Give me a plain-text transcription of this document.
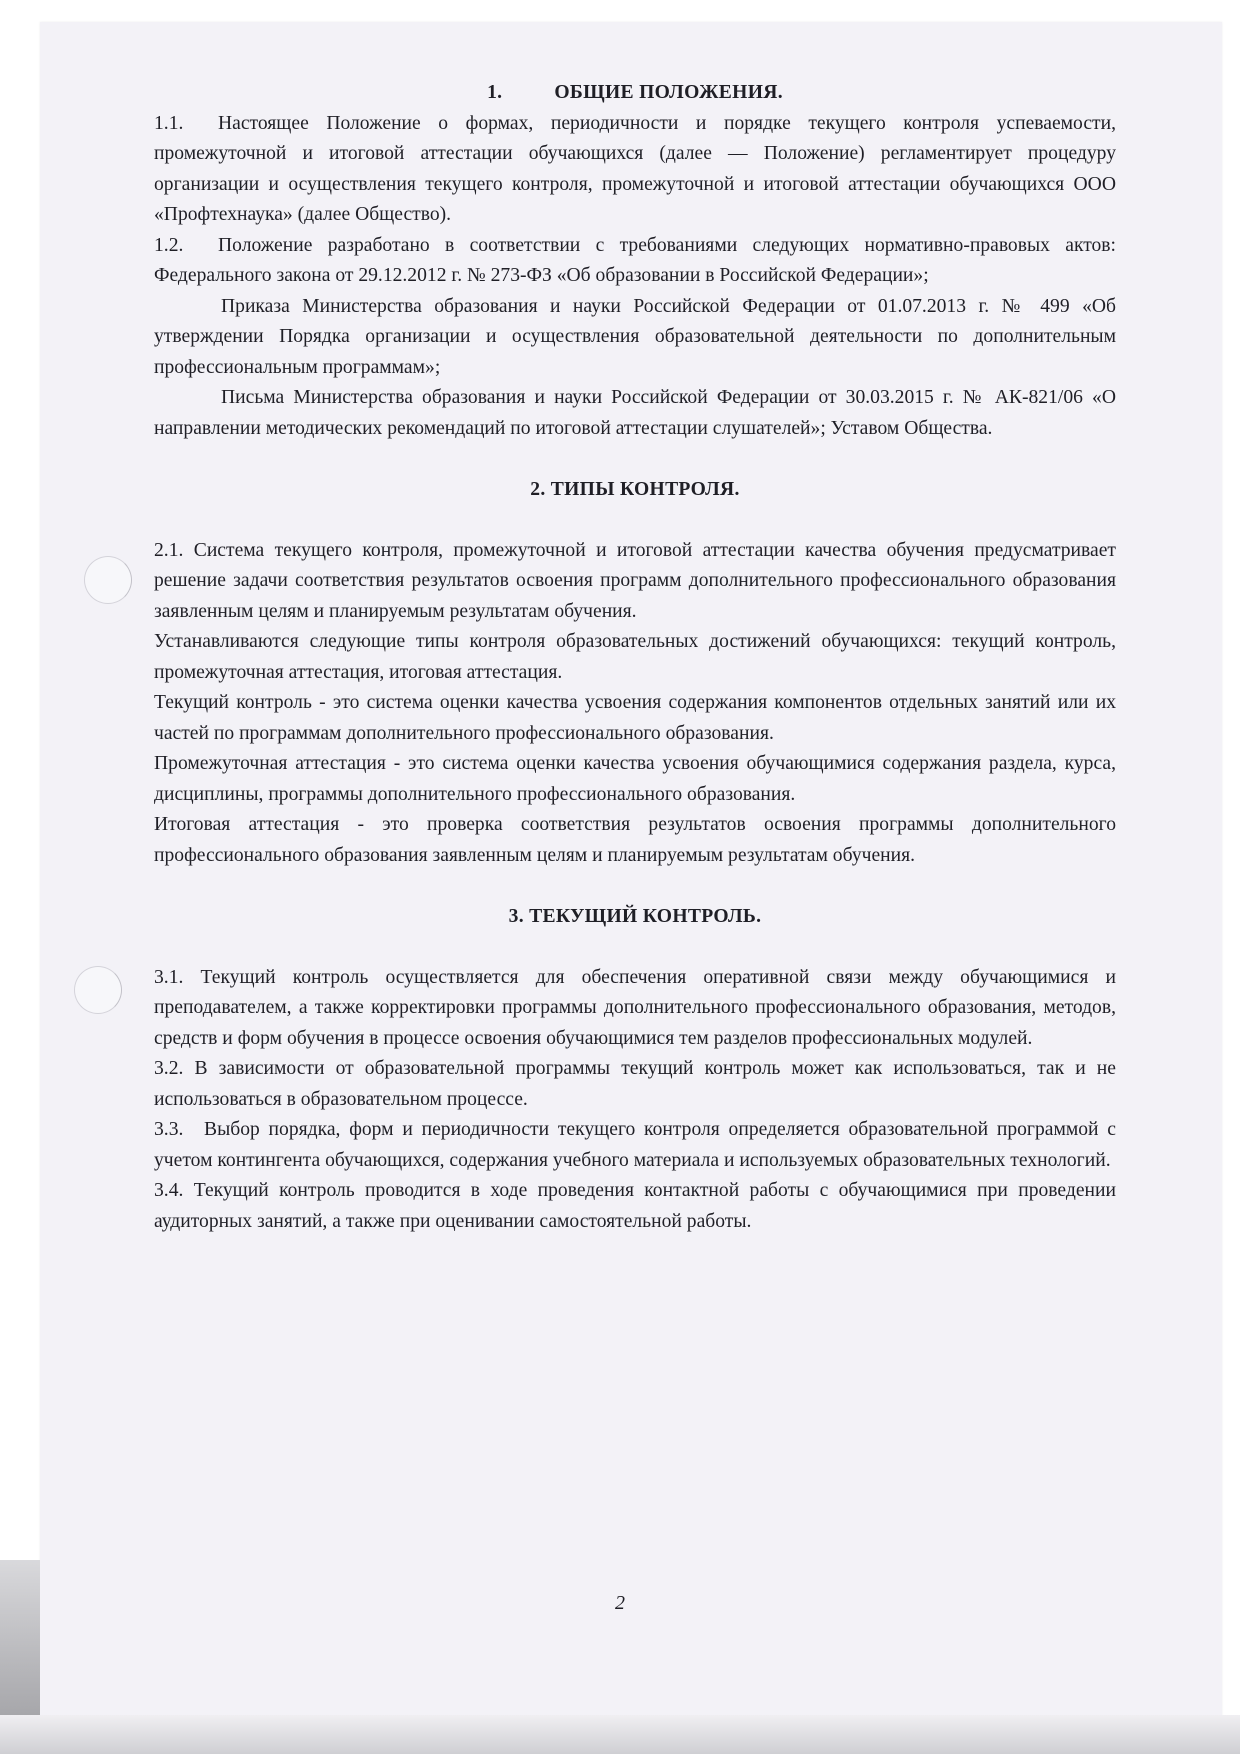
1.	ОБЩИЕ ПОЛОЖЕНИЯ.

1.1. Настоящее Положение о формах, периодичности и порядке текущего контроля успеваемости, промежуточной и итоговой аттестации обучающихся (далее — Положение) регламентирует процедуру организации и осуществления текущего контроля, промежуточной и итоговой аттестации обучающихся ООО «Профтехнаука» (далее Общество).

1.2. Положение разработано в соответствии с требованиями следующих нормативно-правовых актов: Федерального закона от 29.12.2012 г. № 273-ФЗ «Об образовании в Российской Федерации»;

Приказа Министерства образования и науки Российской Федерации от 01.07.2013 г. № 499 «Об утверждении Порядка организации и осуществления образовательной деятельности по дополнительным профессиональным программам»;

Письма Министерства образования и науки Российской Федерации от 30.03.2015 г. № АК-821/06 «О направлении методических рекомендаций по итоговой аттестации слушателей»; Уставом Общества.

2. ТИПЫ КОНТРОЛЯ.

2.1. Система текущего контроля, промежуточной и итоговой аттестации качества обучения предусматривает решение задачи соответствия результатов освоения программ дополнительного профессионального образования заявленным целям и планируемым результатам обучения.

Устанавливаются следующие типы контроля образовательных достижений обучающихся: текущий контроль, промежуточная аттестация, итоговая аттестация.

Текущий контроль - это система оценки качества усвоения содержания компонентов отдельных занятий или их частей по программам дополнительного профессионального образования.

Промежуточная аттестация - это система оценки качества усвоения обучающимися содержания раздела, курса, дисциплины, программы дополнительного профессионального образования.

Итоговая аттестация - это проверка соответствия результатов освоения программы дополнительного профессионального образования заявленным целям и планируемым результатам обучения.

3. ТЕКУЩИЙ КОНТРОЛЬ.

3.1. Текущий контроль осуществляется для обеспечения оперативной связи между обучающимися и преподавателем, а также корректировки программы дополнительного профессионального образования, методов, средств и форм обучения в процессе освоения обучающимися тем разделов профессиональных модулей.

3.2. В зависимости от образовательной программы текущий контроль может как использоваться, так и не использоваться в образовательном процессе.

3.3. Выбор порядка, форм и периодичности текущего контроля определяется образовательной программой с учетом контингента обучающихся, содержания учебного материала и используемых образовательных технологий.

3.4. Текущий контроль проводится в ходе проведения контактной работы с обучающимися при проведении аудиторных занятий, а также при оценивании самостоятельной работы.

2
